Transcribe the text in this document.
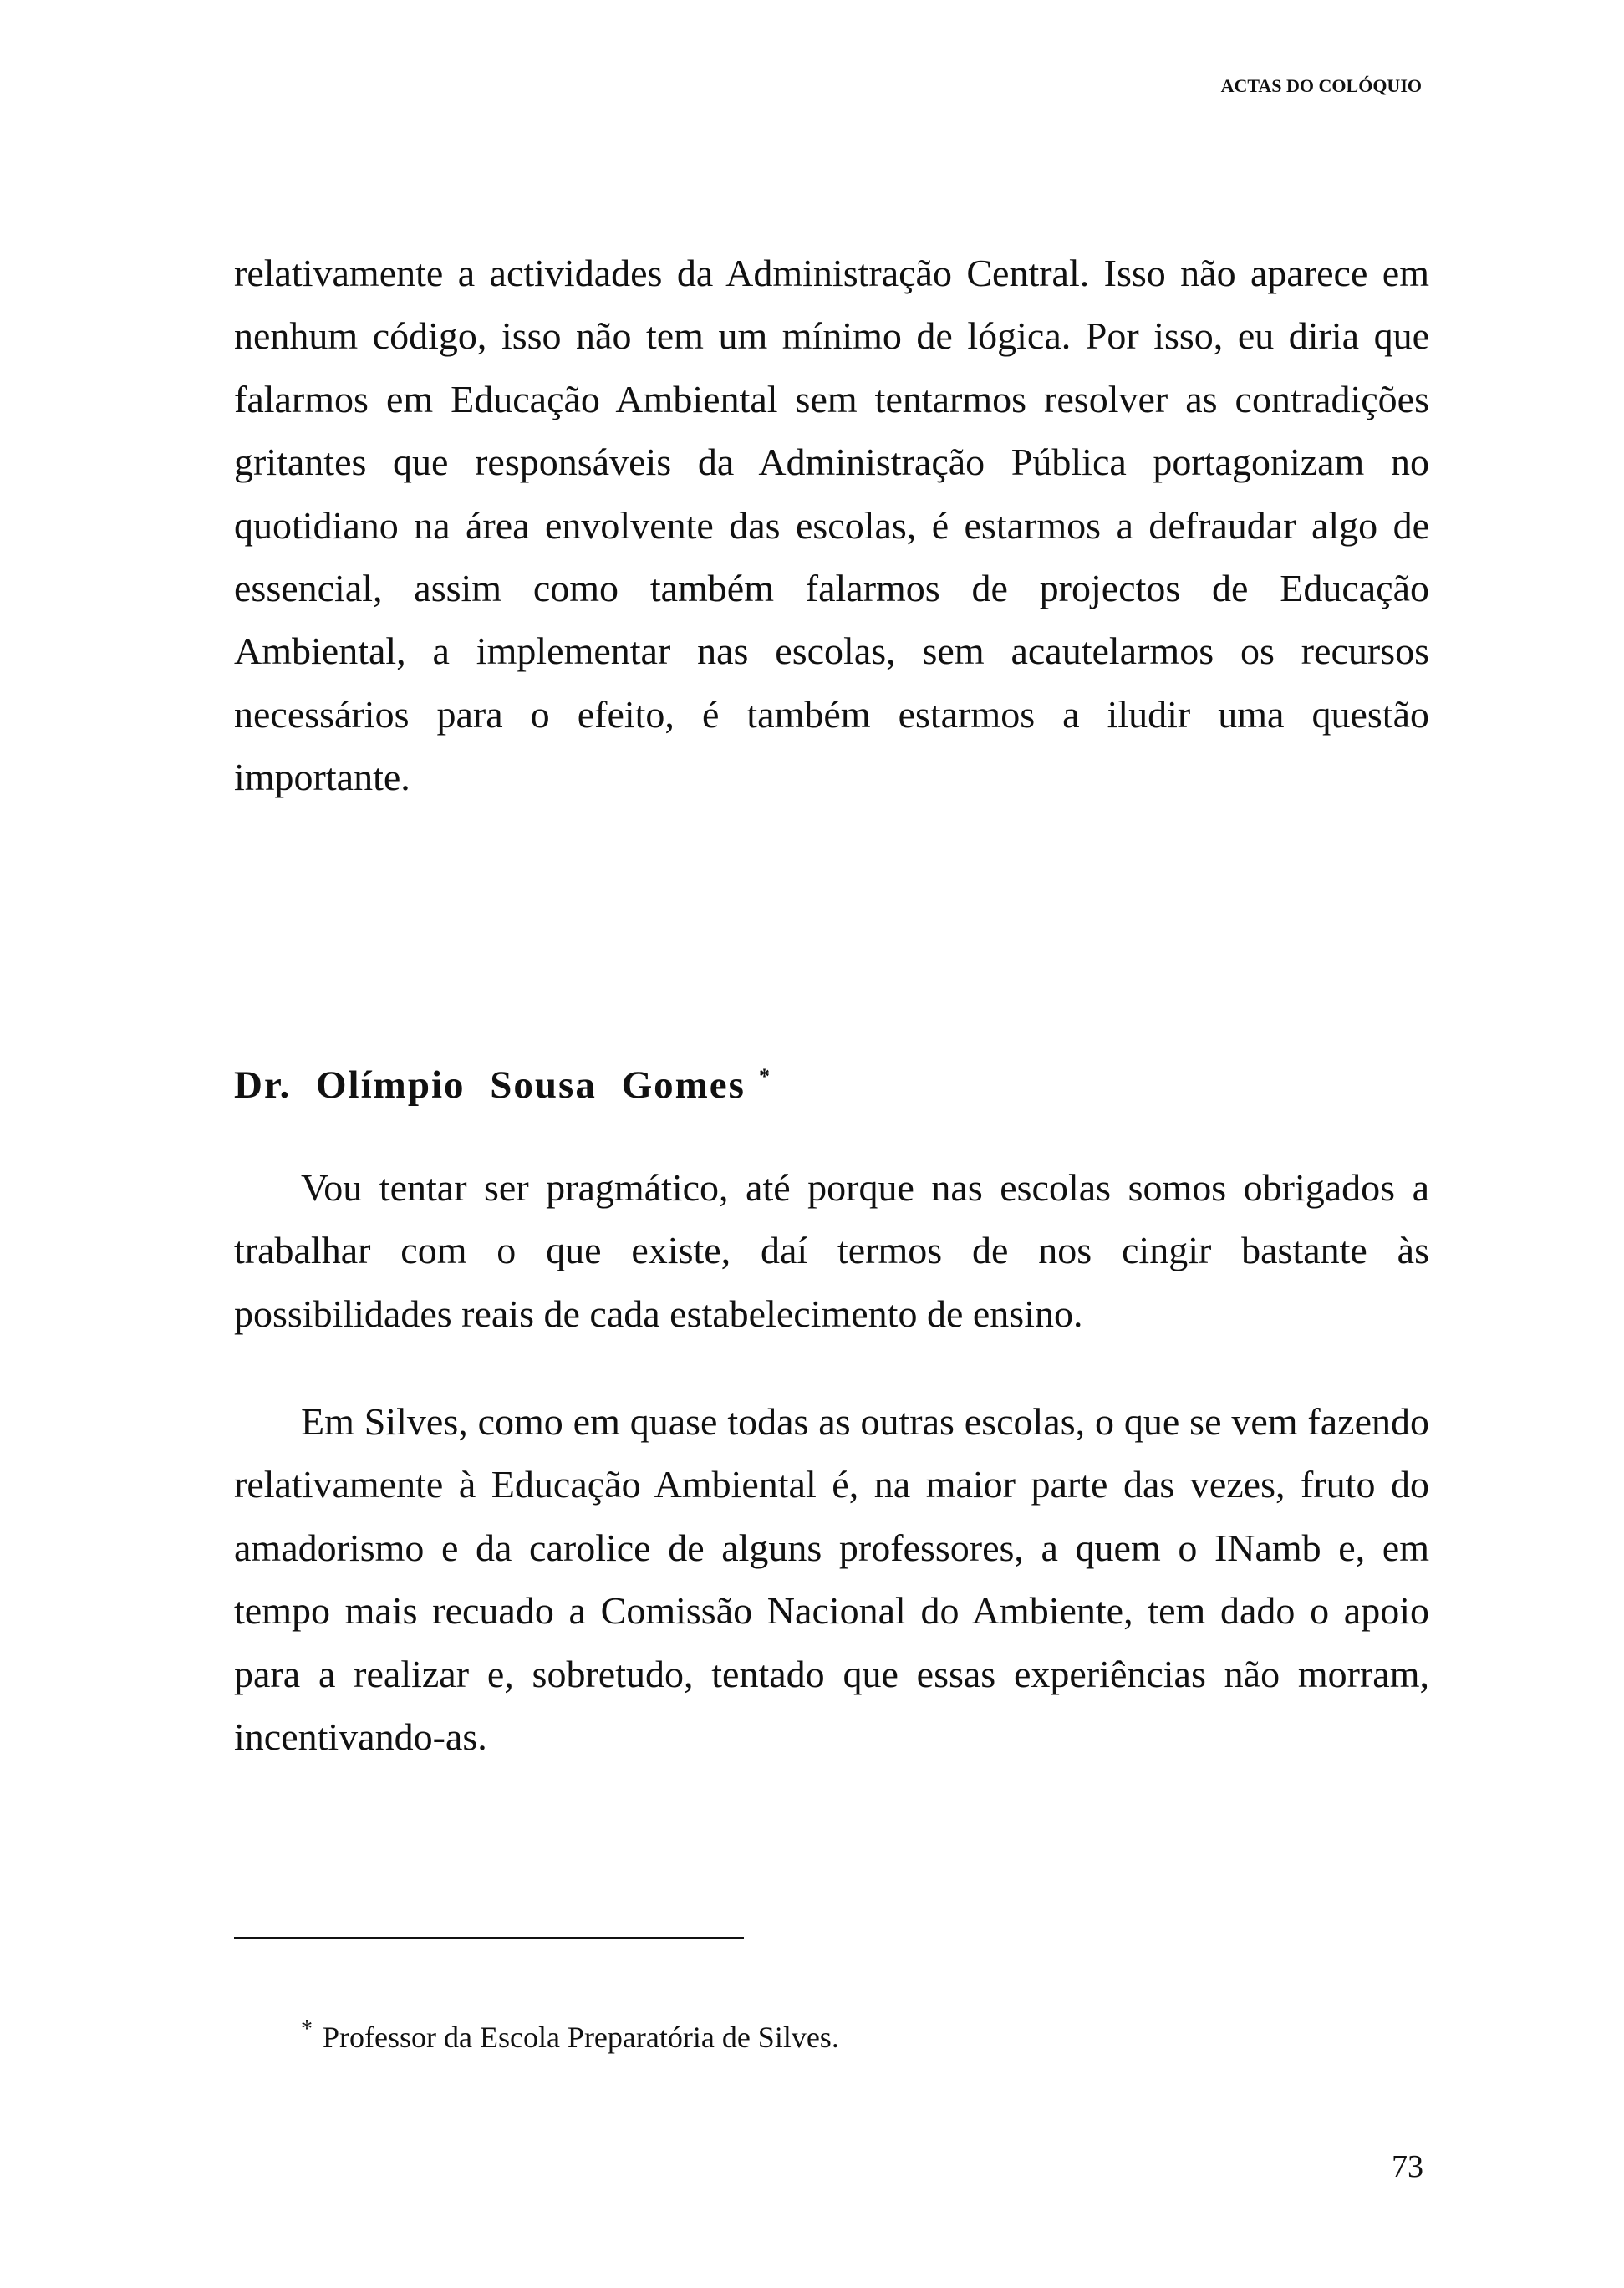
ACTAS DO COLÓQUIO

relativamente a actividades da Administração Central. Isso não aparece em nenhum código, isso não tem um mínimo de lógica. Por isso, eu diria que falarmos em Educação Ambiental sem tentarmos resolver as contradições gritantes que responsáveis da Administração Pública portagonizam no quotidiano na área envolvente das escolas, é estarmos a defraudar algo de essencial, assim como também falarmos de projectos de Educação Ambiental, a implementar nas escolas, sem acautelarmos os recursos necessários para o efeito, é também estarmos a iludir uma questão importante.

Dr. Olímpio Sousa Gomes *

Vou tentar ser pragmático, até porque nas escolas somos obrigados a trabalhar com o que existe, daí termos de nos cingir bastante às possibilidades reais de cada estabelecimento de ensino.

Em Silves, como em quase todas as outras escolas, o que se vem fazendo relativamente à Educação Ambiental é, na maior parte das vezes, fruto do amadorismo e da carolice de alguns professores, a quem o INamb e, em tempo mais recuado a Comissão Nacional do Ambiente, tem dado o apoio para a realizar e, sobretudo, tentado que essas experiências não morram, incentivando-as.

* Professor da Escola Preparatória de Silves.

73
